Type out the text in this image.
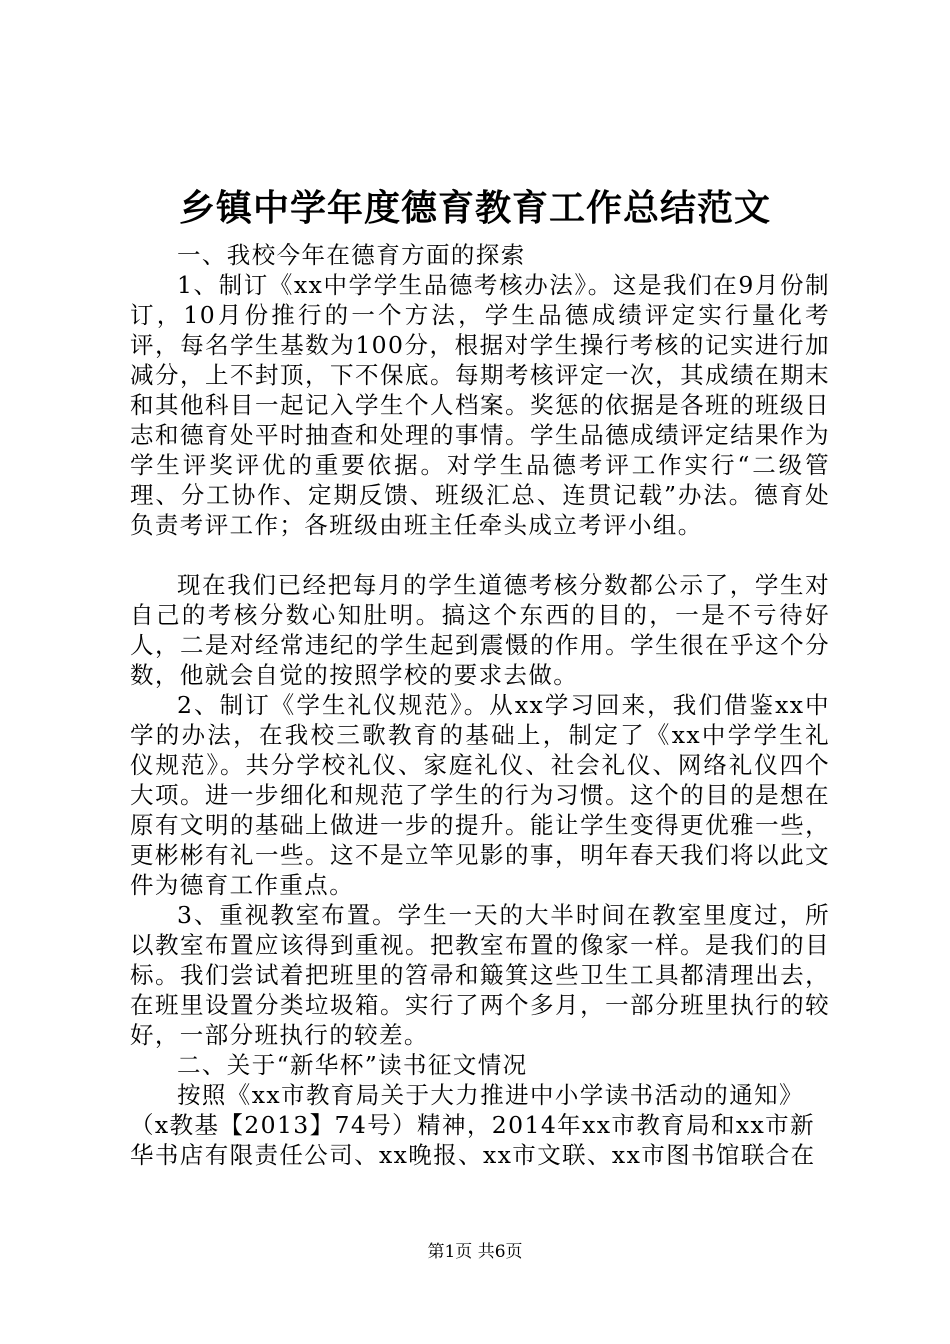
乡镇中学年度德育教育工作总结范文

一、我校今年在德育方面的探索

1、制订《xx中学学生品德考核办法》。这是我们在9月份制订，10月份推行的一个方法，学生品德成绩评定实行量化考评，每名学生基数为100分，根据对学生操行考核的记实进行加减分，上不封顶，下不保底。每期考核评定一次，其成绩在期末和其他科目一起记入学生个人档案。奖惩的依据是各班的班级日志和德育处平时抽查和处理的事情。学生品德成绩评定结果作为学生评奖评优的重要依据。对学生品德考评工作实行“二级管理、分工协作、定期反馈、班级汇总、连贯记载”办法。德育处负责考评工作；各班级由班主任牵头成立考评小组。

现在我们已经把每月的学生道德考核分数都公示了，学生对自己的考核分数心知肚明。搞这个东西的目的，一是不亏待好人，二是对经常违纪的学生起到震慑的作用。学生很在乎这个分数，他就会自觉的按照学校的要求去做。

2、制订《学生礼仪规范》。从xx学习回来，我们借鉴xx中学的办法，在我校三歌教育的基础上，制定了《xx中学学生礼仪规范》。共分学校礼仪、家庭礼仪、社会礼仪、网络礼仪四个大项。进一步细化和规范了学生的行为习惯。这个的目的是想在原有文明的基础上做进一步的提升。能让学生变得更优雅一些，更彬彬有礼一些。这不是立竿见影的事，明年春天我们将以此文件为德育工作重点。

3、重视教室布置。学生一天的大半时间在教室里度过，所以教室布置应该得到重视。把教室布置的像家一样。是我们的目标。我们尝试着把班里的笤帚和簸箕这些卫生工具都清理出去，在班里设置分类垃圾箱。实行了两个多月，一部分班里执行的较好，一部分班执行的较差。

二、关于“新华杯”读书征文情况

按照《xx市教育局关于大力推进中小学读书活动的通知》（x教基【2013】74号）精神，2014年xx市教育局和xx市新华书店有限责任公司、xx晚报、xx市文联、xx市图书馆联合在

第1页 共6页
